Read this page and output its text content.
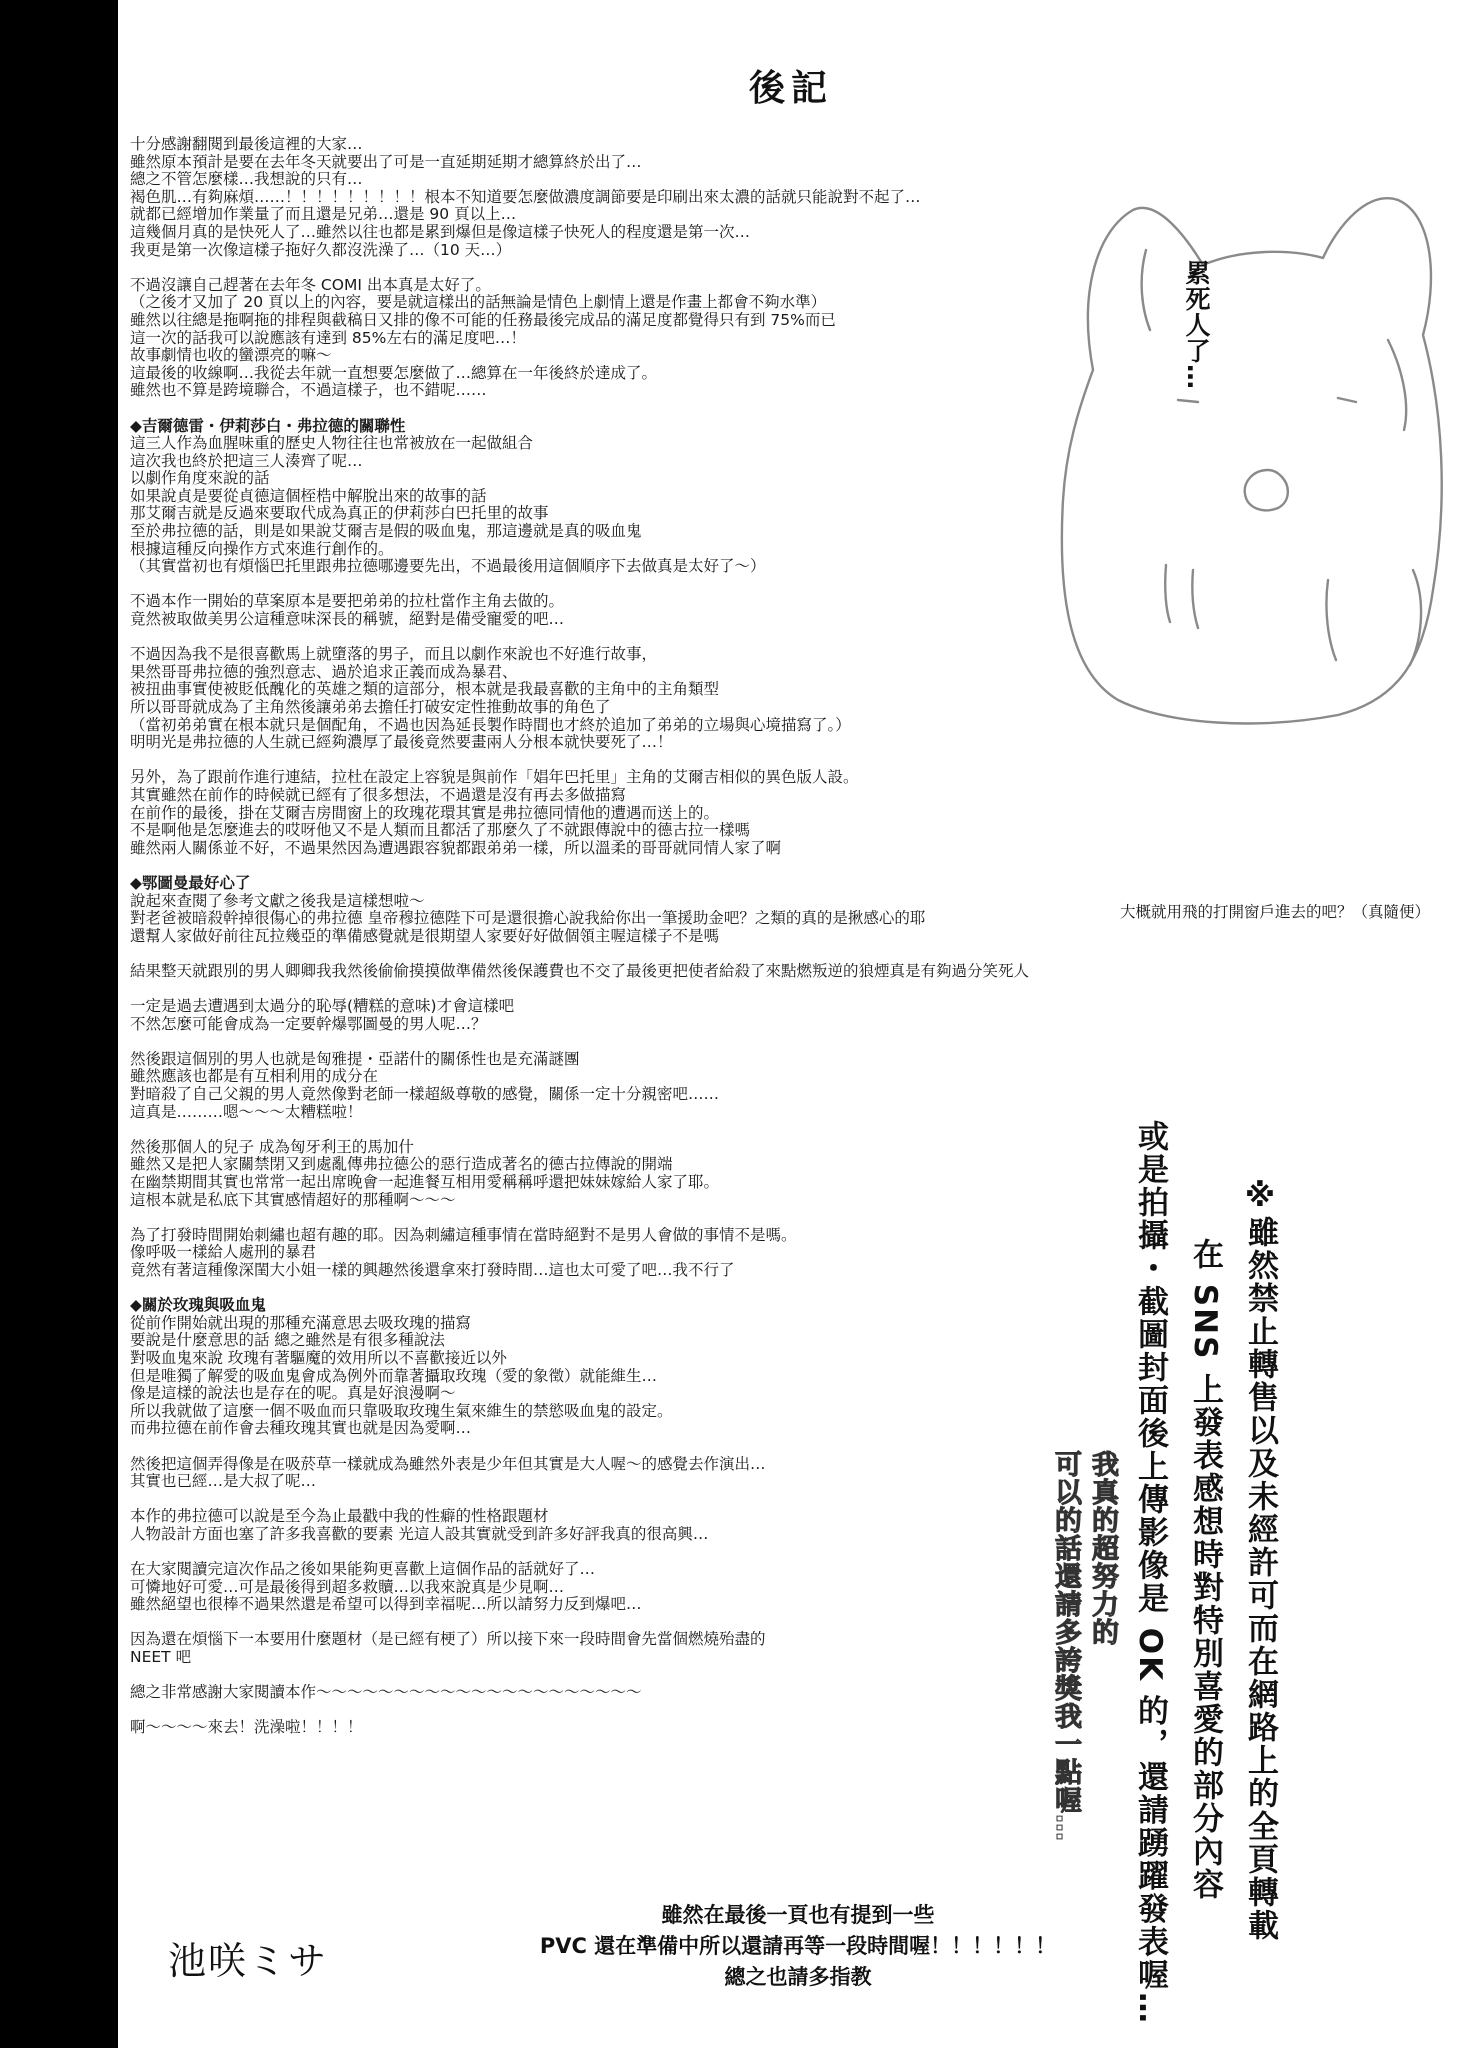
後記
十分感謝翻閱到最後這裡的大家…
雖然原本預計是要在去年冬天就要出了可是一直延期延期才總算終於出了…
總之不管怎麼樣…我想說的只有…
褐色肌…有夠麻煩……！！！！！！！！！根本不知道要怎麼做濃度調節要是印刷出來太濃的話就只能說對不起了…
就都已經增加作業量了而且還是兄弟…還是 90 頁以上…
這幾個月真的是快死人了…雖然以往也都是累到爆但是像這樣子快死人的程度還是第一次…
我更是第一次像這樣子拖好久都沒洗澡了…（10 天…）
不過沒讓自己趕著在去年冬 COMI 出本真是太好了。
（之後才又加了 20 頁以上的內容，要是就這樣出的話無論是情色上劇情上還是作畫上都會不夠水準）
雖然以往總是拖啊拖的排程與截稿日又排的像不可能的任務最後完成品的滿足度都覺得只有到 75%而已
這一次的話我可以說應該有達到 85%左右的滿足度吧…！
故事劇情也收的蠻漂亮的嘛～
這最後的收線啊…我從去年就一直想要怎麼做了…總算在一年後終於達成了。
雖然也不算是跨境聯合，不過這樣子，也不錯呢……
◆吉爾德雷・伊莉莎白・弗拉德的關聯性
這三人作為血腥味重的歷史人物往往也常被放在一起做組合
這次我也終於把這三人湊齊了呢…
以劇作角度來說的話
如果說貞是要從貞德這個桎梏中解脫出來的故事的話
那艾爾吉就是反過來要取代成為真正的伊莉莎白巴托里的故事
至於弗拉德的話，則是如果說艾爾吉是假的吸血鬼，那這邊就是真的吸血鬼
根據這種反向操作方式來進行創作的。
（其實當初也有煩惱巴托里跟弗拉德哪邊要先出，不過最後用這個順序下去做真是太好了～）
不過本作一開始的草案原本是要把弟弟的拉杜當作主角去做的。
竟然被取做美男公這種意味深長的稱號，絕對是備受寵愛的吧…
不過因為我不是很喜歡馬上就墮落的男子，而且以劇作來說也不好進行故事，
果然哥哥弗拉德的強烈意志、過於追求正義而成為暴君、
被扭曲事實使被貶低醜化的英雄之類的這部分，根本就是我最喜歡的主角中的主角類型
所以哥哥就成為了主角然後讓弟弟去擔任打破安定性推動故事的角色了
（當初弟弟實在根本就只是個配角，不過也因為延長製作時間也才終於追加了弟弟的立場與心境描寫了。）
明明光是弗拉德的人生就已經夠濃厚了最後竟然要畫兩人分根本就快要死了…！
另外，為了跟前作進行連結，拉杜在設定上容貌是與前作「娼年巴托里」主角的艾爾吉相似的異色版人設。
其實雖然在前作的時候就已經有了很多想法，不過還是沒有再去多做描寫
在前作的最後，掛在艾爾吉房間窗上的玫瑰花環其實是弗拉德同情他的遭遇而送上的。
不是啊他是怎麼進去的哎呀他又不是人類而且都活了那麼久了不就跟傳說中的德古拉一樣嗎
雖然兩人關係並不好，不過果然因為遭遇跟容貌都跟弟弟一樣，所以溫柔的哥哥就同情人家了啊
◆鄂圖曼最好心了
說起來查閱了參考文獻之後我是這樣想啦～
對老爸被暗殺幹掉很傷心的弗拉德 皇帝穆拉德陛下可是還很擔心說我給你出一筆援助金吧？之類的真的是揪感心的耶
還幫人家做好前往瓦拉幾亞的準備感覺就是很期望人家要好好做個領主喔這樣子不是嗎
結果整天就跟別的男人卿卿我我然後偷偷摸摸做準備然後保護費也不交了最後更把使者給殺了來點燃叛逆的狼煙真是有夠過分笑死人
一定是過去遭遇到太過分的恥辱(糟糕的意味)才會這樣吧
不然怎麼可能會成為一定要幹爆鄂圖曼的男人呢…？
然後跟這個別的男人也就是匈雅提・亞諾什的關係性也是充滿謎團
雖然應該也都是有互相利用的成分在
對暗殺了自己父親的男人竟然像對老師一樣超級尊敬的感覺，關係一定十分親密吧……
這真是………嗯～～～太糟糕啦！
然後那個人的兒子 成為匈牙利王的馬加什
雖然又是把人家關禁閉又到處亂傳弗拉德公的惡行造成著名的德古拉傳說的開端
在幽禁期間其實也常常一起出席晚會一起進餐互相用愛稱稱呼還把妹妹嫁給人家了耶。
這根本就是私底下其實感情超好的那種啊～～～
為了打發時間開始刺繡也超有趣的耶。因為刺繡這種事情在當時絕對不是男人會做的事情不是嗎。
像呼吸一樣給人處刑的暴君
竟然有著這種像深閨大小姐一樣的興趣然後還拿來打發時間…這也太可愛了吧…我不行了
◆關於玫瑰與吸血鬼
從前作開始就出現的那種充滿意思去吸玫瑰的描寫
要說是什麼意思的話 總之雖然是有很多種說法
對吸血鬼來說 玫瑰有著驅魔的效用所以不喜歡接近以外
但是唯獨了解愛的吸血鬼會成為例外而靠著攝取玫瑰（愛的象徵）就能維生…
像是這樣的說法也是存在的呢。真是好浪漫啊～
所以我就做了這麼一個不吸血而只靠吸取玫瑰生氣來維生的禁慾吸血鬼的設定。
而弗拉德在前作會去種玫瑰其實也就是因為愛啊…
然後把這個弄得像是在吸菸草一樣就成為雖然外表是少年但其實是大人喔～的感覺去作演出…
其實也已經…是大叔了呢…
本作的弗拉德可以說是至今為止最戳中我的性癖的性格跟題材
人物設計方面也塞了許多我喜歡的要素 光這人設其實就受到許多好評我真的很高興…
在大家閱讀完這次作品之後如果能夠更喜歡上這個作品的話就好了…
可憐地好可愛…可是最後得到超多救贖…以我來說真是少見啊…
雖然絕望也很棒不過果然還是希望可以得到幸福呢…所以請努力反到爆吧…
因為還在煩惱下一本要用什麼題材（是已經有梗了）所以接下來一段時間會先當個燃燒殆盡的
NEET 吧
總之非常感謝大家閱讀本作～～～～～～～～～～～～～～～～～～～～～
啊～～～～來去！洗澡啦！！！！
大概就用飛的打開窗戶進去的吧？（真隨便）
累死人了…
※雖然禁止轉售以及未經許可而在網路上的全頁轉載
在 SNS 上發表感想時對特別喜愛的部分內容
或是拍攝・截圖封面後上傳影像是 OK 的，還請踴躍發表喔…
我真的超努力的
可以的話還請多誇獎我一點喔…
池咲ミサ
雖然在最後一頁也有提到一些
PVC 還在準備中所以還請再等一段時間喔！！！！！！
總之也請多指教
